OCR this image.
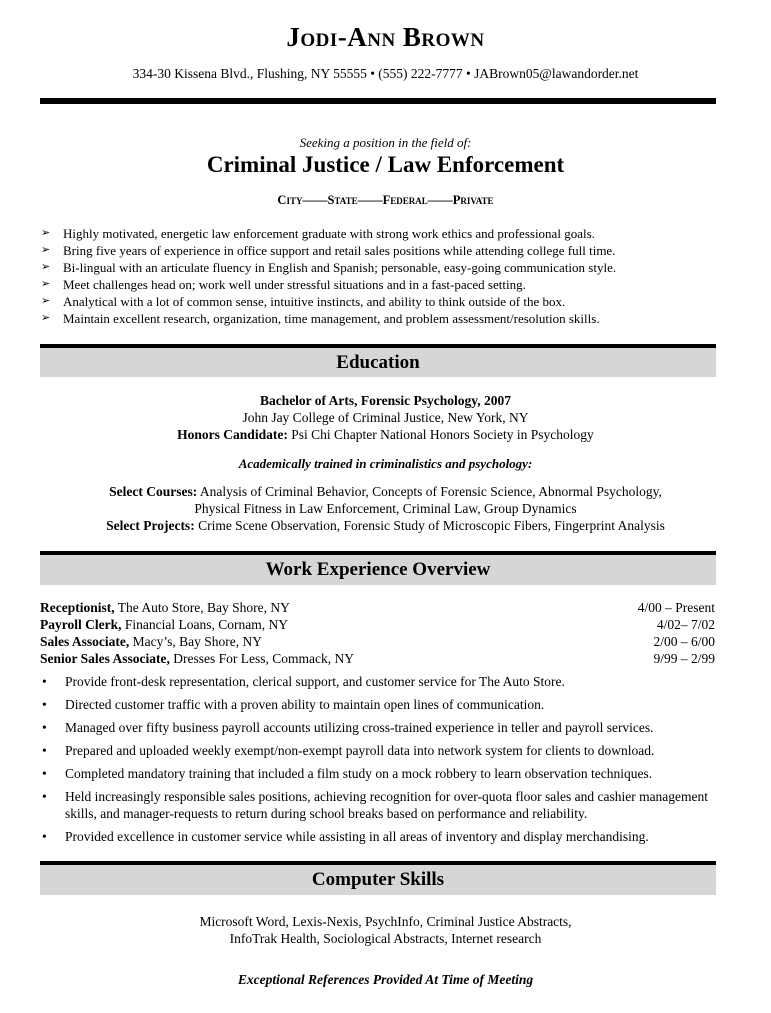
Jodi-Ann Brown
334-30 Kissena Blvd., Flushing, NY 55555 • (555) 222-7777 • JABrown05@lawandorder.net
Seeking a position in the field of:
Criminal Justice / Law Enforcement
City——State——Federal——Private
➢ Highly motivated, energetic law enforcement graduate with strong work ethics and professional goals.
➢ Bring five years of experience in office support and retail sales positions while attending college full time.
➢ Bi-lingual with an articulate fluency in English and Spanish; personable, easy-going communication style.
➢ Meet challenges head on; work well under stressful situations and in a fast-paced setting.
➢ Analytical with a lot of common sense, intuitive instincts, and ability to think outside of the box.
➢ Maintain excellent research, organization, time management, and problem assessment/resolution skills.
Education
Bachelor of Arts, Forensic Psychology, 2007
John Jay College of Criminal Justice, New York, NY
Honors Candidate: Psi Chi Chapter National Honors Society in Psychology
Academically trained in criminalistics and psychology:
Select Courses: Analysis of Criminal Behavior, Concepts of Forensic Science, Abnormal Psychology,
Physical Fitness in Law Enforcement, Criminal Law, Group Dynamics
Select Projects: Crime Scene Observation, Forensic Study of Microscopic Fibers, Fingerprint Analysis
Work Experience Overview
Receptionist, The Auto Store, Bay Shore, NY	4/00 – Present
Payroll Clerk, Financial Loans, Cornam, NY	4/02– 7/02
Sales Associate, Macy’s, Bay Shore, NY	2/00 – 6/00
Senior Sales Associate, Dresses For Less, Commack, NY	9/99 – 2/99
• Provide front-desk representation, clerical support, and customer service for The Auto Store.
• Directed customer traffic with a proven ability to maintain open lines of communication.
• Managed over fifty business payroll accounts utilizing cross-trained experience in teller and payroll services.
• Prepared and uploaded weekly exempt/non-exempt payroll data into network system for clients to download.
• Completed mandatory training that included a film study on a mock robbery to learn observation techniques.
• Held increasingly responsible sales positions, achieving recognition for over-quota floor sales and cashier management skills, and manager-requests to return during school breaks based on performance and reliability.
• Provided excellence in customer service while assisting in all areas of inventory and display merchandising.
Computer Skills
Microsoft Word, Lexis-Nexis, PsychInfo, Criminal Justice Abstracts,
InfoTrak Health, Sociological Abstracts, Internet research
Exceptional References Provided At Time of Meeting
